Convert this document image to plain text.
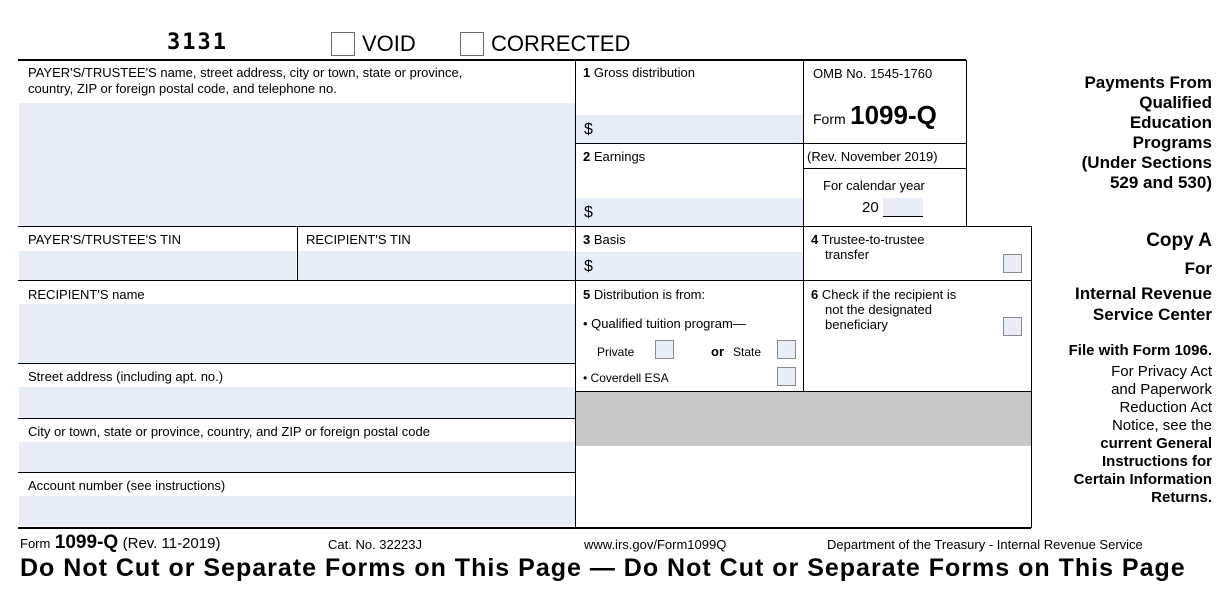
3131	VOID	CORRECTED
PAYER'S/TRUSTEE'S name, street address, city or town, state or province,
country, ZIP or foreign postal code, and telephone no.
1 Gross distribution
$
2 Earnings
$
OMB No. 1545-1760
Form 1099-Q
(Rev. November 2019)
For calendar year
20
Payments From
Qualified
Education
Programs
(Under Sections
529 and 530)
PAYER'S/TRUSTEE'S TIN	RECIPIENT'S TIN	3 Basis
$
4 Trustee-to-trustee
transfer
5 Distribution is from:
• Qualified tuition program—
Private	or State
• Coverdell ESA
6 Check if the recipient is
not the designated
beneficiary
RECIPIENT'S name
Street address (including apt. no.)
City or town, state or province, country, and ZIP or foreign postal code
Account number (see instructions)
Copy A
For
Internal Revenue
Service Center
File with Form 1096.
For Privacy Act
and Paperwork
Reduction Act
Notice, see the
current General
Instructions for
Certain Information
Returns.
Form 1099-Q (Rev. 11-2019)	Cat. No. 32223J	www.irs.gov/Form1099Q	Department of the Treasury - Internal Revenue Service
Do Not Cut or Separate Forms on This Page — Do Not Cut or Separate Forms on This Page
